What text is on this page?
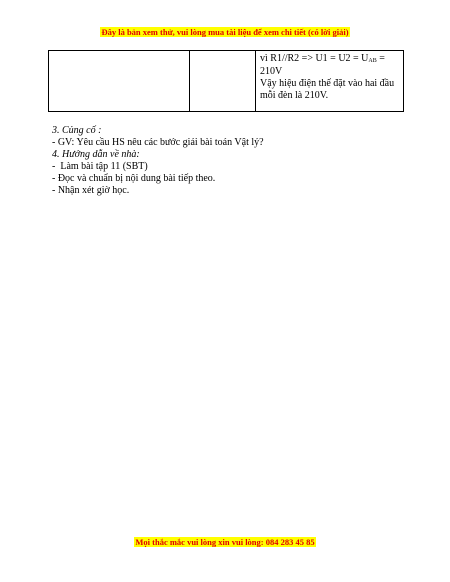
Đây là bản xem thử, vui lòng mua tài liệu để xem chi tiết (có lời giải)
		vì R1//R2 => U1 = U2 = UAB =
210V
Vậy hiệu điện thế đặt vào hai đầu mỗi đèn là 210V.
3. Củng cố :
- GV: Yêu cầu HS nêu các bước giải bài toán Vật lý?
4. Hướng dẫn về nhà:
-  Làm bài tập 11 (SBT)
- Đọc và chuẩn bị nội dung bài tiếp theo.
- Nhận xét giờ học.
Mọi thắc mắc vui lòng xin vui lòng: 084 283 45 85
